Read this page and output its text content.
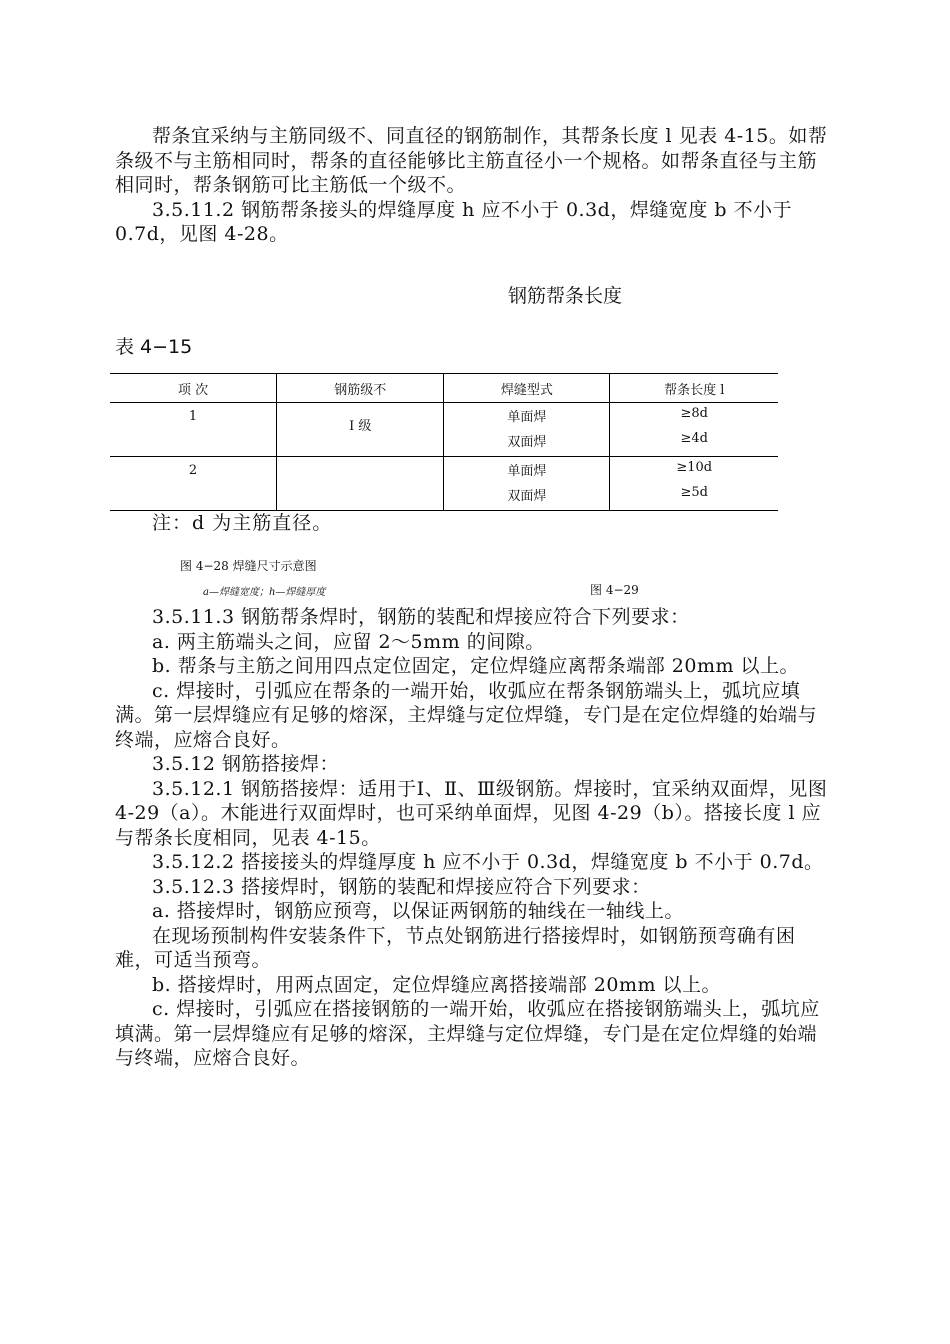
帮条宜采纳与主筋同级不、同直径的钢筋制作，其帮条长度 l 见表 4-15。如帮条级不与主筋相同时，帮条的直径能够比主筋直径小一个规格。如帮条直径与主筋相同时，帮条钢筋可比主筋低一个级不。

3.5.11.2 钢筋帮条接头的焊缝厚度 h 应不小于 0.3d，焊缝宽度 b 不小于 0.7d，见图 4-28。

钢筋帮条长度
表 4−15
项 次	钢筋级不	焊缝型式	帮条长度 l
1	Ⅰ 级	单面焊	≥8d
		双面焊	≥4d
2		单面焊	≥10d
		双面焊	≥5d
注：d 为主筋直径。
图 4−28 焊缝尺寸示意图
a—焊缝宽度；h—焊缝厚度	图 4−29

3.5.11.3 钢筋帮条焊时，钢筋的装配和焊接应符合下列要求：

a. 两主筋端头之间，应留 2～5mm 的间隙。

b. 帮条与主筋之间用四点定位固定，定位焊缝应离帮条端部 20mm 以上。

c. 焊接时，引弧应在帮条的一端开始，收弧应在帮条钢筋端头上，弧坑应填满。第一层焊缝应有足够的熔深，主焊缝与定位焊缝，专门是在定位焊缝的始端与终端，应熔合良好。

3.5.12 钢筋搭接焊：

3.5.12.1 钢筋搭接焊：适用于Ⅰ、Ⅱ、Ⅲ级钢筋。焊接时，宜采纳双面焊，见图 4-29（a）。木能进行双面焊时，也可采纳单面焊，见图 4-29（b）。搭接长度 l 应与帮条长度相同，见表 4-15。

3.5.12.2 搭接接头的焊缝厚度 h 应不小于 0.3d，焊缝宽度 b 不小于 0.7d。

3.5.12.3 搭接焊时，钢筋的装配和焊接应符合下列要求：

a. 搭接焊时，钢筋应预弯，以保证两钢筋的轴线在一轴线上。

在现场预制构件安装条件下，节点处钢筋进行搭接焊时，如钢筋预弯确有困难，可适当预弯。

b. 搭接焊时，用两点固定，定位焊缝应离搭接端部 20mm 以上。

c. 焊接时，引弧应在搭接钢筋的一端开始，收弧应在搭接钢筋端头上，弧坑应填满。第一层焊缝应有足够的熔深，主焊缝与定位焊缝，专门是在定位焊缝的始端与终端，应熔合良好。
